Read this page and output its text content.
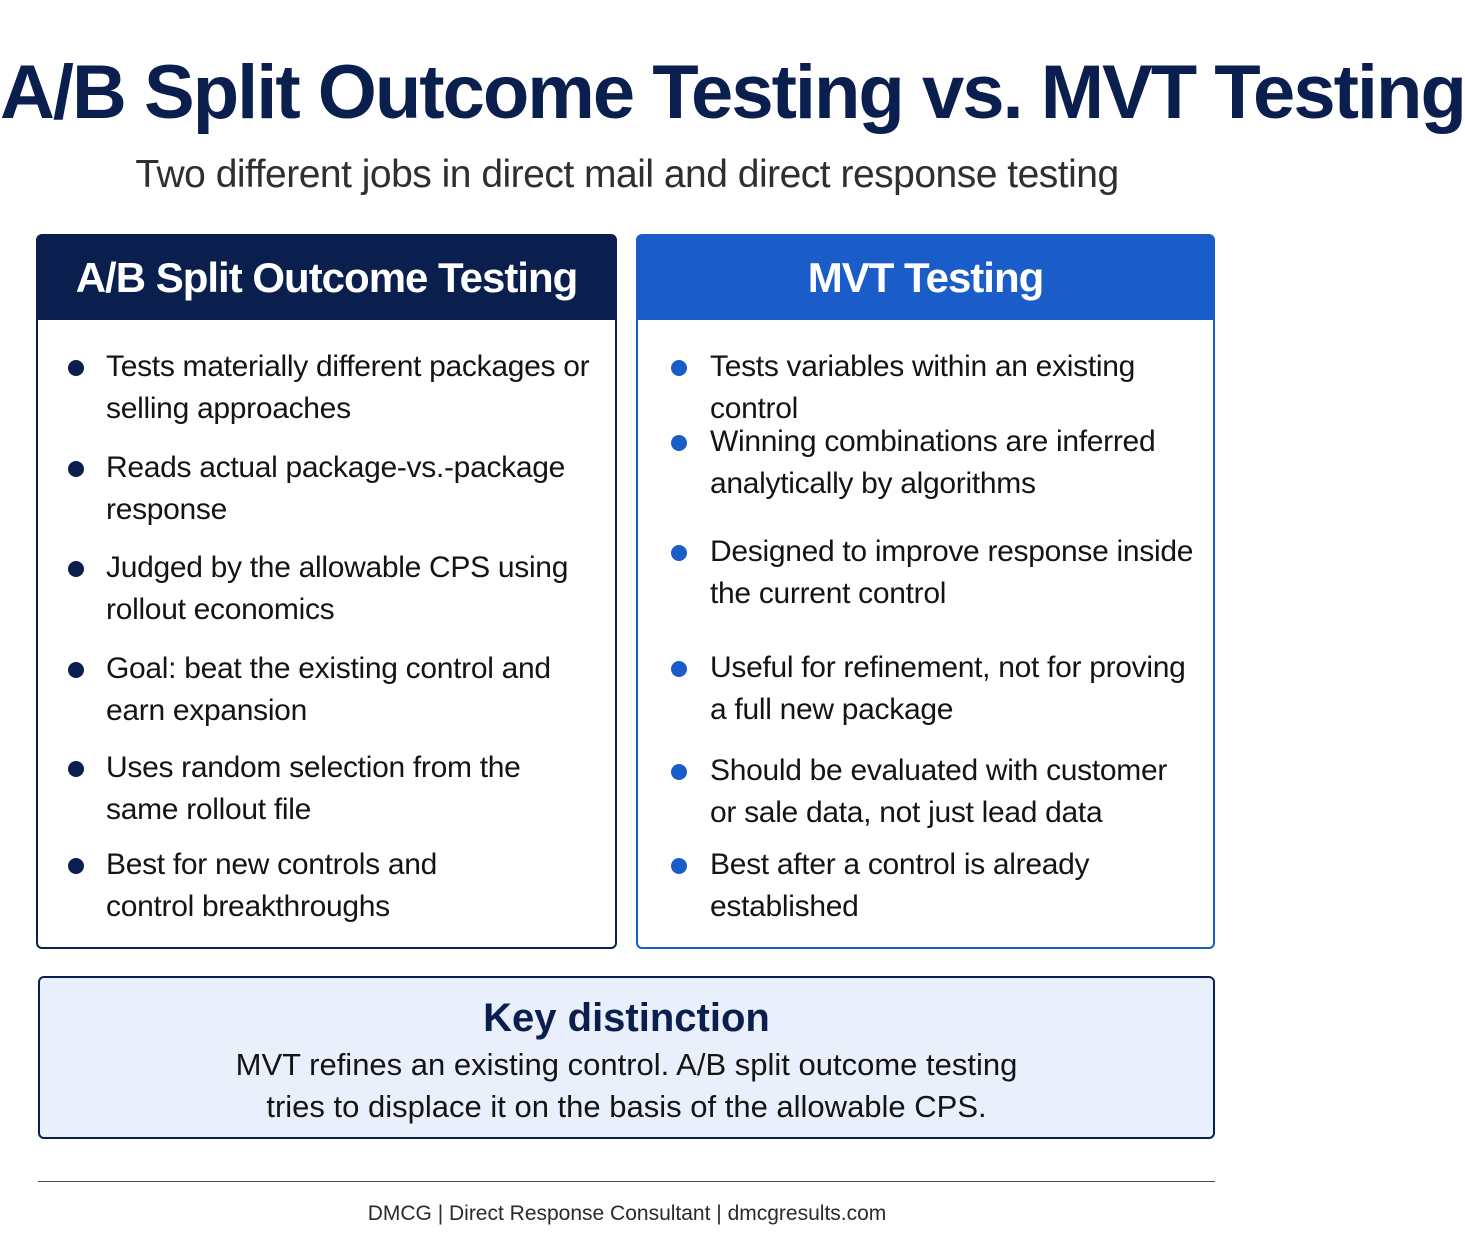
A/B Split Outcome Testing vs. MVT Testing
Two different jobs in direct mail and direct response testing
A/B Split Outcome Testing
Tests materially different packages or
selling approaches
Reads actual package-vs.-package
response
Judged by the allowable CPS using
rollout economics
Goal: beat the existing control and
earn expansion
Uses random selection from the
same rollout file
Best for new controls and
control breakthroughs
MVT Testing
Tests variables within an existing control
Winning combinations are inferred
analytically by algorithms
Designed to improve response inside
the current control
Useful for refinement, not for proving
a full new package
Should be evaluated with customer
or sale data, not just lead data
Best after a control is already
established
Key distinction
MVT refines an existing control. A/B split outcome testing
tries to displace it on the basis of the allowable CPS.
DMCG | Direct Response Consultant | dmcgresults.com
